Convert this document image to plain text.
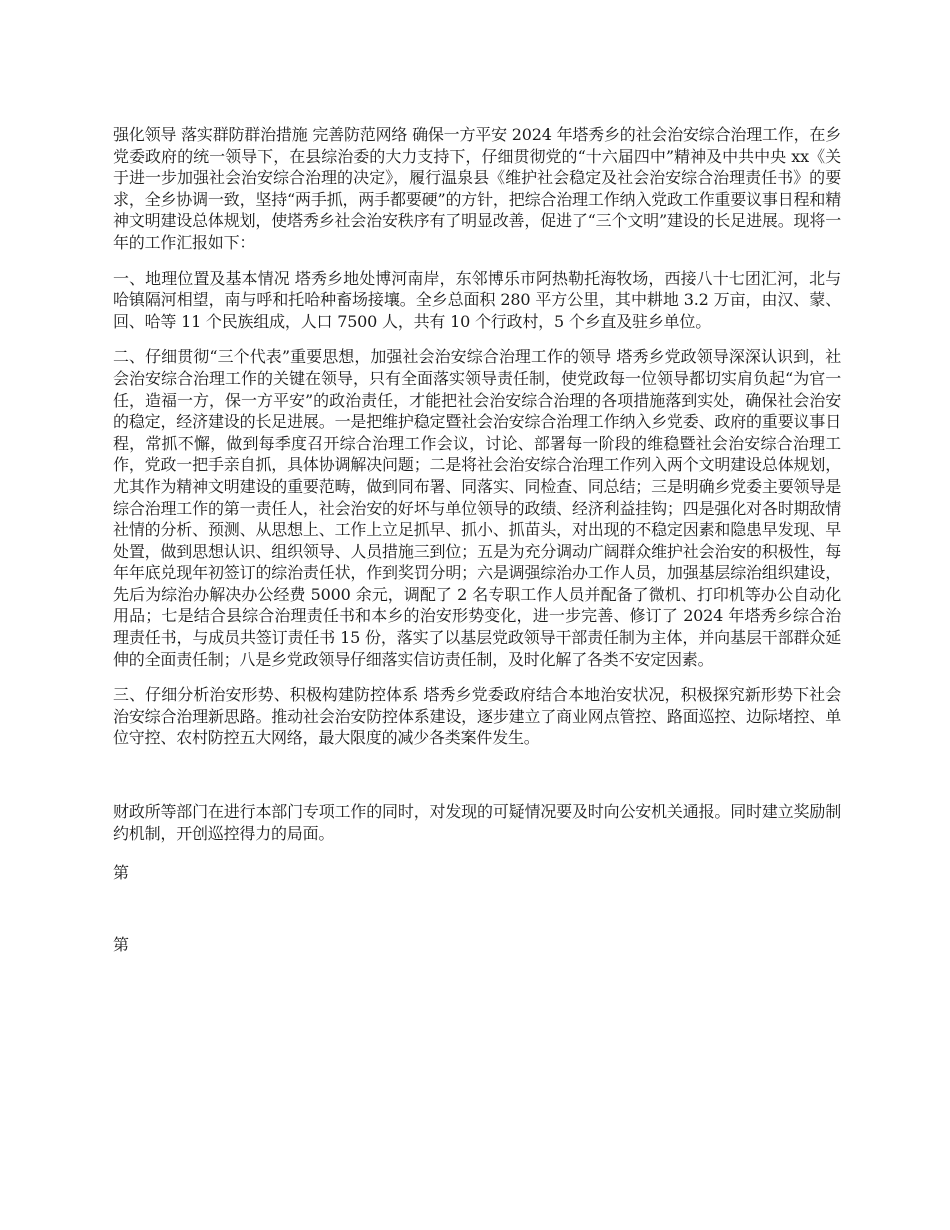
强化领导 落实群防群治措施 完善防范网络 确保一方平安 2024 年塔秀乡的社会治安综合治理工作，在乡党委政府的统一领导下，在县综治委的大力支持下，仔细贯彻党的“十六届四中”精神及中共中央 xx《关于进一步加强社会治安综合治理的决定》，履行温泉县《维护社会稳定及社会治安综合治理责任书》的要求，全乡协调一致，坚持“两手抓，两手都要硬”的方针，把综合治理工作纳入党政工作重要议事日程和精神文明建设总体规划，使塔秀乡社会治安秩序有了明显改善，促进了“三个文明”建设的长足进展。现将一年的工作汇报如下：

一、地理位置及基本情况 塔秀乡地处博河南岸，东邻博乐市阿热勒托海牧场，西接八十七团汇河，北与哈镇隔河相望，南与呼和托哈种畜场接壤。全乡总面积 280 平方公里，其中耕地 3.2 万亩，由汉、蒙、回、哈等 11 个民族组成，人口 7500 人，共有 10 个行政村，5 个乡直及驻乡单位。

二、仔细贯彻“三个代表”重要思想，加强社会治安综合治理工作的领导 塔秀乡党政领导深深认识到，社会治安综合治理工作的关键在领导，只有全面落实领导责任制，使党政每一位领导都切实肩负起“为官一任，造福一方，保一方平安”的政治责任，才能把社会治安综合治理的各项措施落到实处，确保社会治安的稳定，经济建设的长足进展。一是把维护稳定暨社会治安综合治理工作纳入乡党委、政府的重要议事日程，常抓不懈，做到每季度召开综合治理工作会议，讨论、部署每一阶段的维稳暨社会治安综合治理工作，党政一把手亲自抓，具体协调解决问题；二是将社会治安综合治理工作列入两个文明建设总体规划，尤其作为精神文明建设的重要范畴，做到同布署、同落实、同检查、同总结；三是明确乡党委主要领导是综合治理工作的第一责任人，社会治安的好坏与单位领导的政绩、经济利益挂钩；四是强化对各时期敌情社情的分析、预测、从思想上、工作上立足抓早、抓小、抓苗头，对出现的不稳定因素和隐患早发现、早处置，做到思想认识、组织领导、人员措施三到位；五是为充分调动广阔群众维护社会治安的积极性，每年年底兑现年初签订的综治责任状，作到奖罚分明；六是调强综治办工作人员，加强基层综治组织建设，先后为综治办解决办公经费 5000 余元，调配了 2 名专职工作人员并配备了微机、打印机等办公自动化用品；七是结合县综合治理责任书和本乡的治安形势变化，进一步完善、修订了 2024 年塔秀乡综合治理责任书，与成员共签订责任书 15 份，落实了以基层党政领导干部责任制为主体，并向基层干部群众延伸的全面责任制；八是乡党政领导仔细落实信访责任制，及时化解了各类不安定因素。

三、仔细分析治安形势、积极构建防控体系 塔秀乡党委政府结合本地治安状况，积极探究新形势下社会治安综合治理新思路。推动社会治安防控体系建设，逐步建立了商业网点管控、路面巡控、边际堵控、单位守控、农村防控五大网络，最大限度的减少各类案件发生。

财政所等部门在进行本部门专项工作的同时，对发现的可疑情况要及时向公安机关通报。同时建立奖励制约机制，开创巡控得力的局面。

第

第
